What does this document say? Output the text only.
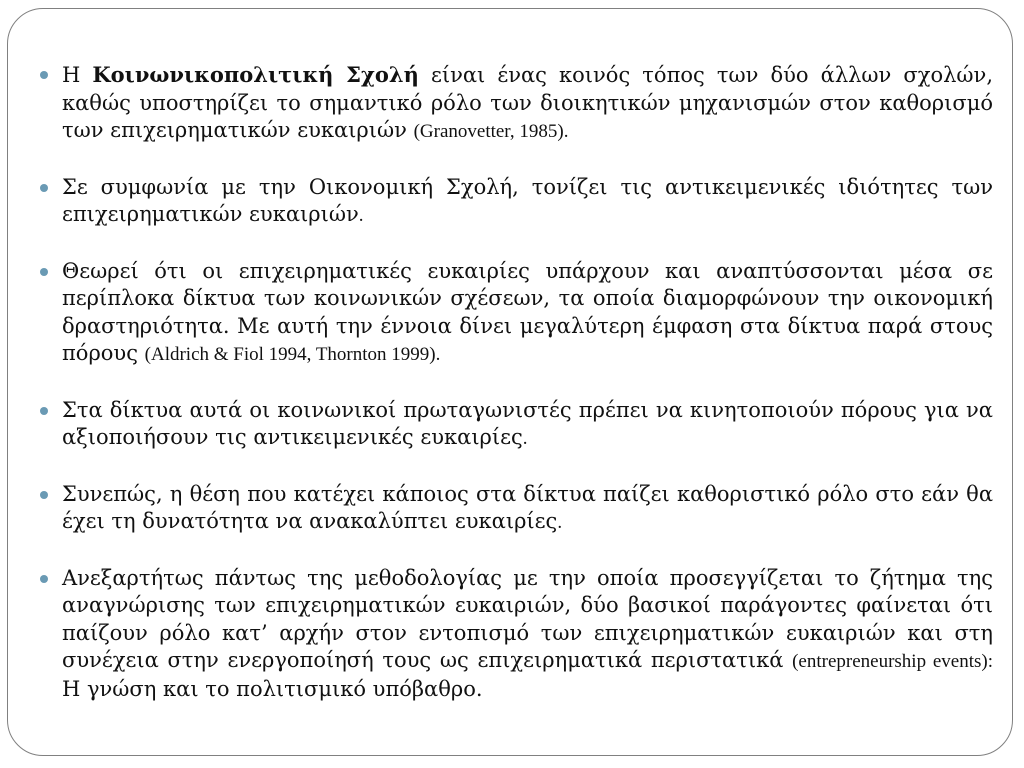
Η Κοινωνικοπολιτική Σχολή είναι ένας κοινός τόπος των δύο άλλων σχολών, καθώς υποστηρίζει το σημαντικό ρόλο των διοικητικών μηχανισμών στον καθορισμό των επιχειρηματικών ευκαιριών (Granovetter, 1985).
Σε συμφωνία με την Οικονομική Σχολή, τονίζει τις αντικειμενικές ιδιότητες των επιχειρηματικών ευκαιριών.
Θεωρεί ότι οι επιχειρηματικές ευκαιρίες υπάρχουν και αναπτύσσονται μέσα σε περίπλοκα δίκτυα των κοινωνικών σχέσεων, τα οποία διαμορφώνουν την οικονομική δραστηριότητα. Με αυτή την έννοια δίνει μεγαλύτερη έμφαση στα δίκτυα παρά στους πόρους (Aldrich & Fiol 1994, Thornton 1999).
Στα δίκτυα αυτά οι κοινωνικοί πρωταγωνιστές πρέπει να κινητοποιούν πόρους για να αξιοποιήσουν τις αντικειμενικές ευκαιρίες.
Συνεπώς, η θέση που κατέχει κάποιος στα δίκτυα παίζει καθοριστικό ρόλο στο εάν θα έχει τη δυνατότητα να ανακαλύπτει ευκαιρίες.
Ανεξαρτήτως πάντως της μεθοδολογίας με την οποία προσεγγίζεται το ζήτημα της αναγνώρισης των επιχειρηματικών ευκαιριών, δύο βασικοί παράγοντες φαίνεται ότι παίζουν ρόλο κατ’ αρχήν στον εντοπισμό των επιχειρηματικών ευκαιριών και στη συνέχεια στην ενεργοποίησή τους ως επιχειρηματικά περιστατικά (entrepreneurship events): Η γνώση και το πολιτισμικό υπόβαθρο.
